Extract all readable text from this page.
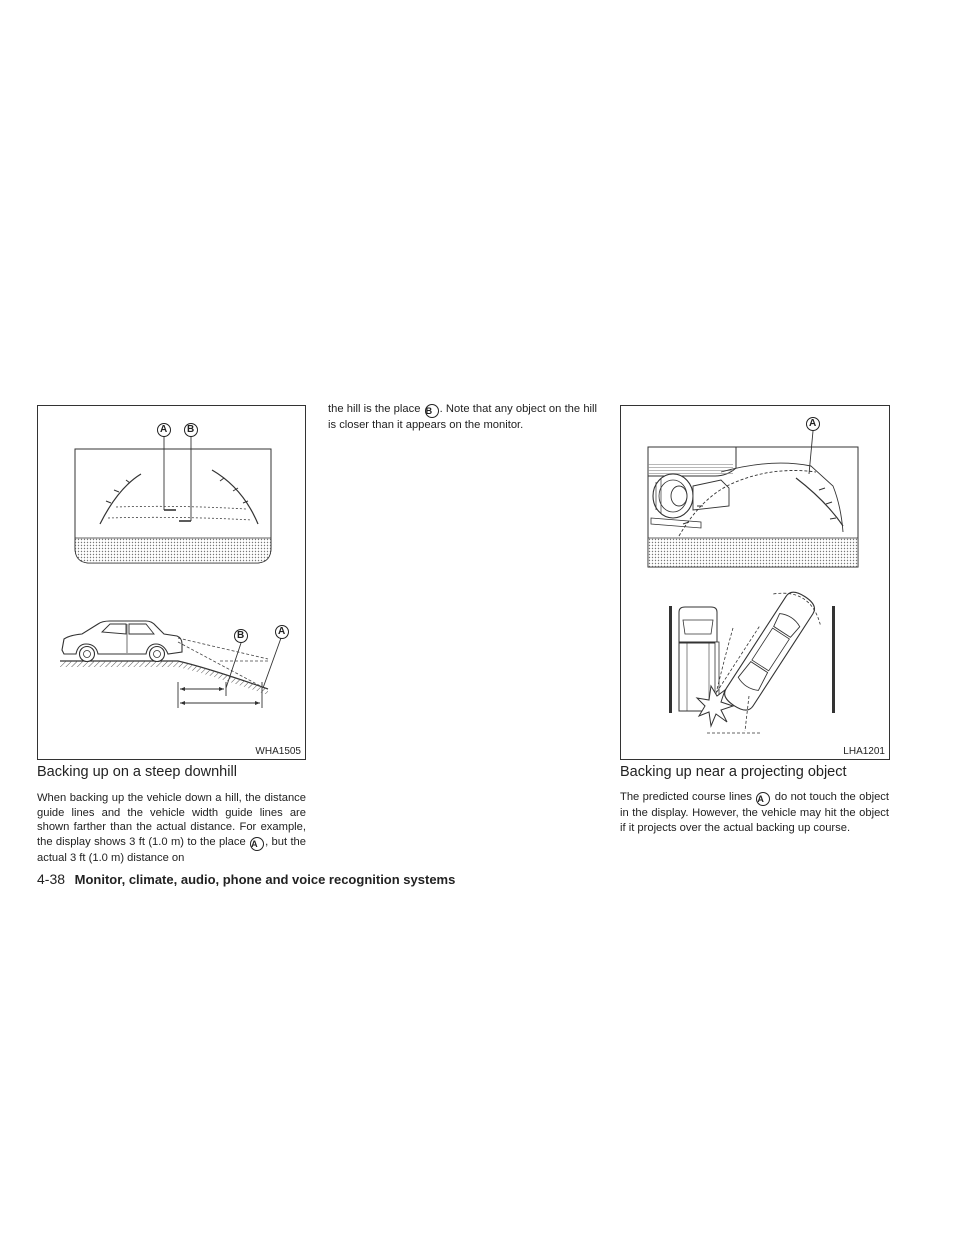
A B
B	A
WHA1505
A
LHA1201
Backing up on a steep downhill

When backing up the vehicle down a hill, the distance guide lines and the vehicle width guide lines are shown farther than the actual distance. For example, the display shows 3 ft (1.0 m) to the place A , but the actual 3 ft (1.0 m) distance on

the hill is the place B . Note that any object on the hill is closer than it appears on the monitor.

Backing up near a projecting object

The predicted course lines A do not touch the object in the display. However, the vehicle may hit the object if it projects over the actual backing up course.

4-38 Monitor, climate, audio, phone and voice recognition systems
